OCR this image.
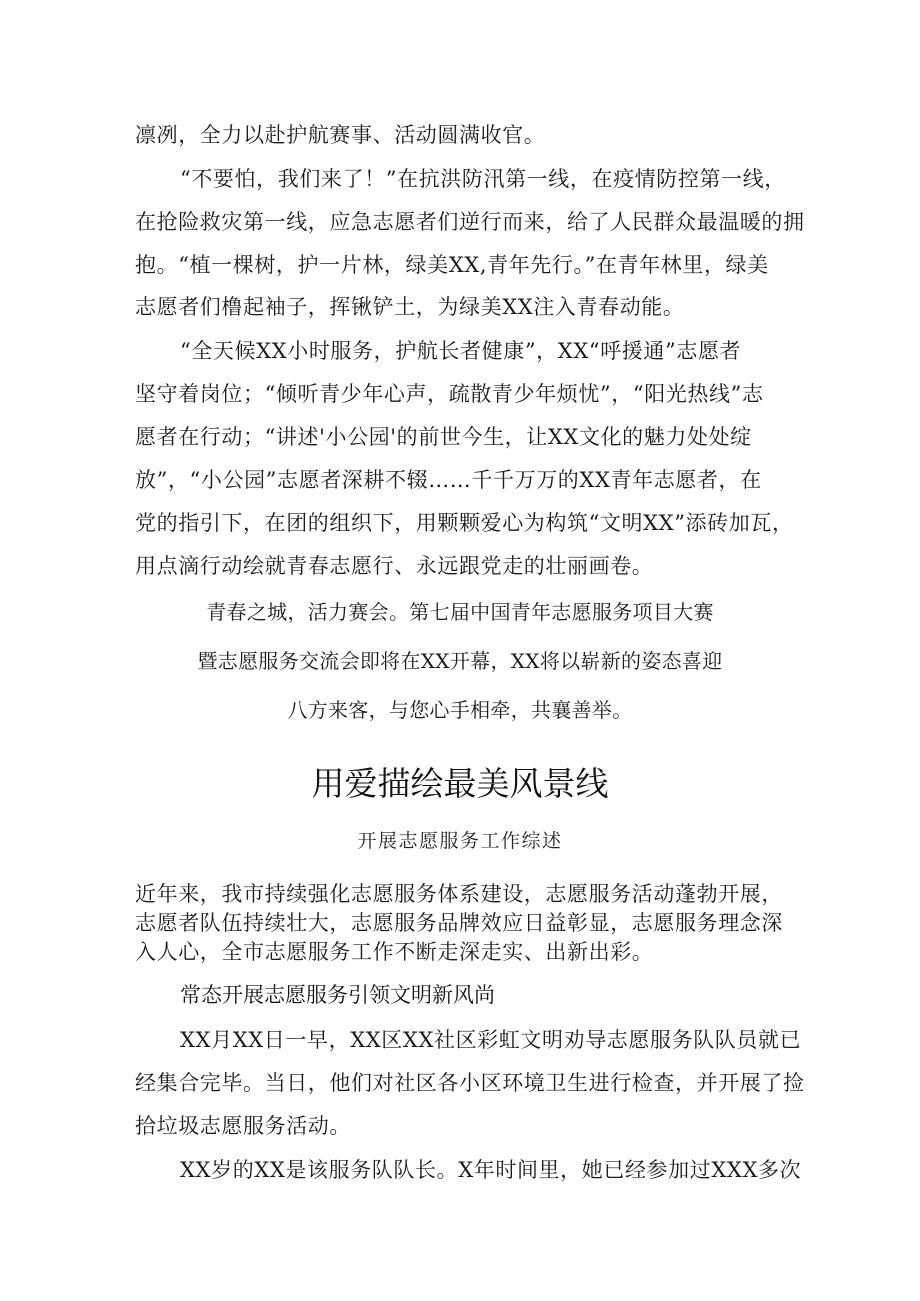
凛冽，全力以赴护航赛事、活动圆满收官。
“不要怕，我们来了！”在抗洪防汛第一线，在疫情防控第一线，
在抢险救灾第一线，应急志愿者们逆行而来，给了人民群众最温暖的拥
抱。“植一棵树，护一片林，绿美XX,青年先行。”在青年林里，绿美
志愿者们橹起袖子，挥锹铲土，为绿美XX注入青春动能。
“全天候XX小时服务，护航长者健康”，XX“呼援通”志愿者
坚守着岗位；“倾听青少年心声，疏散青少年烦忧”，“阳光热线”志
愿者在行动；“讲述'小公园'的前世今生，让XX文化的魅力处处绽
放”，“小公园”志愿者深耕不辍……千千万万的XX青年志愿者，在
党的指引下，在团的组织下，用颗颗爱心为构筑“文明XX”添砖加瓦，
用点滴行动绘就青春志愿行、永远跟党走的壮丽画卷。
青春之城，活力赛会。第七届中国青年志愿服务项目大赛
暨志愿服务交流会即将在XX开幕，XX将以崭新的姿态喜迎
八方来客，与您心手相牵，共襄善举。
用爱描绘最美风景线
开展志愿服务工作综述
近年来，我市持续强化志愿服务体系建设，志愿服务活动蓬勃开展，
志愿者队伍持续壮大，志愿服务品牌效应日益彰显，志愿服务理念深
入人心，全市志愿服务工作不断走深走实、出新出彩。
常态开展志愿服务引领文明新风尚
XX月XX日一早，XX区XX社区彩虹文明劝导志愿服务队队员就已
经集合完毕。当日，他们对社区各小区环境卫生进行检查，并开展了捡
拾垃圾志愿服务活动。
XX岁的XX是该服务队队长。X年时间里，她已经参加过XXX多次
